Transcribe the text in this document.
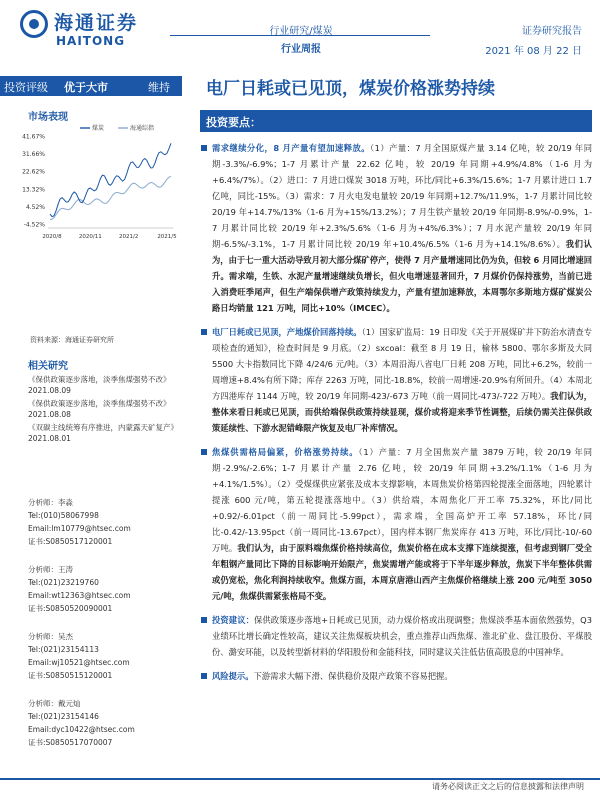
海通证券
HAITONG
行业研究/煤炭
行业周报
证券研究报告
2021 年 08 月 22 日
投资评级 优于大市	维持 电厂日耗或已见顶，煤炭价格涨势持续
市场表现
41.67%
31.66%
22.62%
13.32%
4.52%
-4.52%
2020/8	2020/11	2021/2	2021/5
煤炭	海通综指
资料来源：海通证券研究所
相关研究
《保供政策逐步落地，淡季焦煤强势不改》
2021.08.09
《保供政策逐步落地，淡季焦煤强势不改》
2021.08.08
《双碳主线统筹有序推进，内蒙露天矿复产》
2021.08.01
分析师：李淼
Tel:(010)58067998
Email:lm10779@htsec.com
证书:S0850517120001
分析师：王涛
Tel:(021)23219760
Email:wt12363@htsec.com
证书:S0850520090001
分析师：吴杰
Tel:(021)23154113
Email:wj10521@htsec.com
证书:S0850515120001
分析师：戴元灿
Tel:(021)23154146
Email:dyc10422@htsec.com
证书:S0850517070007
投资要点：
需求继续分化，8 月产量有望加速释放。（1）产量：7 月全国原煤产量 3.14 亿吨，较 20/19 年同期-3.3%/-6.9%；1-7 月累计产量 22.62 亿吨，较 20/19 年同期+4.9%/4.8%（1-6 月为+6.4%/7%）。（2）进口：7 月进口煤炭 3018 万吨，环比/同比+6.3%/15.6%；1-7 月累计进口 1.7 亿吨，同比-15%。（3）需求：7 月火电发电量较 20/19 年同期+12.7%/11.9%，1-7 月累计同比较 20/19 年+14.7%/13%（1-6 月为+15%/13.2%）；7 月生铁产量较 20/19 年同期-8.9%/-0.9%，1-7 月累计同比较 20/19 年+2.3%/5.6%（1-6 月为+4%/6.3%）；7 月水泥产量较 20/19 年同期-6.5%/-3.1%，1-7 月累计同比较 20/19 年+10.4%/6.5%（1-6 月为+14.1%/8.6%）。我们认为，由于七一重大活动导致月初大部分煤矿停产，使得 7 月产量增速同比仍为负，但较 6 月同比增速回升。需求端，生铁、水泥产量增速继续负增长，但火电增速显著回升，7 月煤价仍保持涨势，当前已进入消费旺季尾声，但生产端保供增产政策持续发力，产量有望加速释放，本周鄂尔多斯地方煤矿煤炭公路日均销量 121 万吨，同比+10%（IMCEC）。
电厂日耗或已见顶，产地煤价回落持续。（1）国家矿监局：19 日印发《关于开展煤矿井下防治水清查专项检查的通知》，检查时间是 9 月底。（2）sxcoal：截至 8 月 19 日，榆林 5800、鄂尔多斯及大同 5500 大卡指数同比下降 4/24/6 元/吨。（3）本周沿海八省电厂日耗 208 万吨，同比+6.2%，较前一周增速+8.4%有所下降；库存 2263 万吨，同比-18.8%，较前一周增速-20.9%有所回升。（4）本周北方四港库存 1144 万吨，较 20/19 年同期-423/-673 万吨（前一周同比-473/-722 万吨）。我们认为，整体来看日耗或已见顶，而供给端保供政策持续显现，煤价或将迎来季节性调整，后续仍需关注保供政策延续性、下游水泥错峰限产恢复及电厂补库情况。
焦煤供需格局偏紧，价格涨势持续。（1）产量：7 月全国焦炭产量 3879 万吨，较 20/19 年同期-2.9%/-2.6%；1-7 月累计产量 2.76 亿吨，较 20/19 年同期+3.2%/1.1%（1-6 月为+4.1%/1.5%）。（2）受煤煤供应紧张及成本支撑影响，本周焦炭价格第四轮提涨全面落地，四轮累计提涨 600 元/吨，第五轮提涨落地中。（3）供给端，本周焦化厂开工率 75.32%，环比/同比+0.92/-6.01pct（前一周同比-5.99pct），需求端，全国高炉开工率 57.18%，环比/同比-0.42/-13.95pct（前一周同比-13.67pct），国内样本钢厂焦炭库存 413 万吨，环比/同比-10/-60 万吨。我们认为，由于原料端焦煤价格持续高位，焦炭价格在成本支撑下连续提涨，但考虑到钢厂受全年粗钢产量同比下降的目标影响开始限产，焦炭需增产能或将于下半年逐步释放，焦炭下半年整体供需或仍宽松，焦化利润持续收窄。焦煤方面，本周京唐港山西产主焦煤价格继续上涨 200 元/吨至 3050 元/吨，焦煤供需紧张格局不变。
投资建议：保供政策逐步落地+日耗或已见顶，动力煤价格或出现调整；焦煤淡季基本面依然强势，Q3 业绩环比增长确定性较高，建议关注焦煤板块机会，重点推荐山西焦煤、淮北矿业、盘江股份、平煤股份、潞安环能，以及转型新材料的华阳股份和金能科技，同时建议关注低估值高股息的中国神华。
风险提示。下游需求大幅下滑、保供稳价及限产政策不容易把握。
请务必阅读正文之后的信息披露和法律声明
